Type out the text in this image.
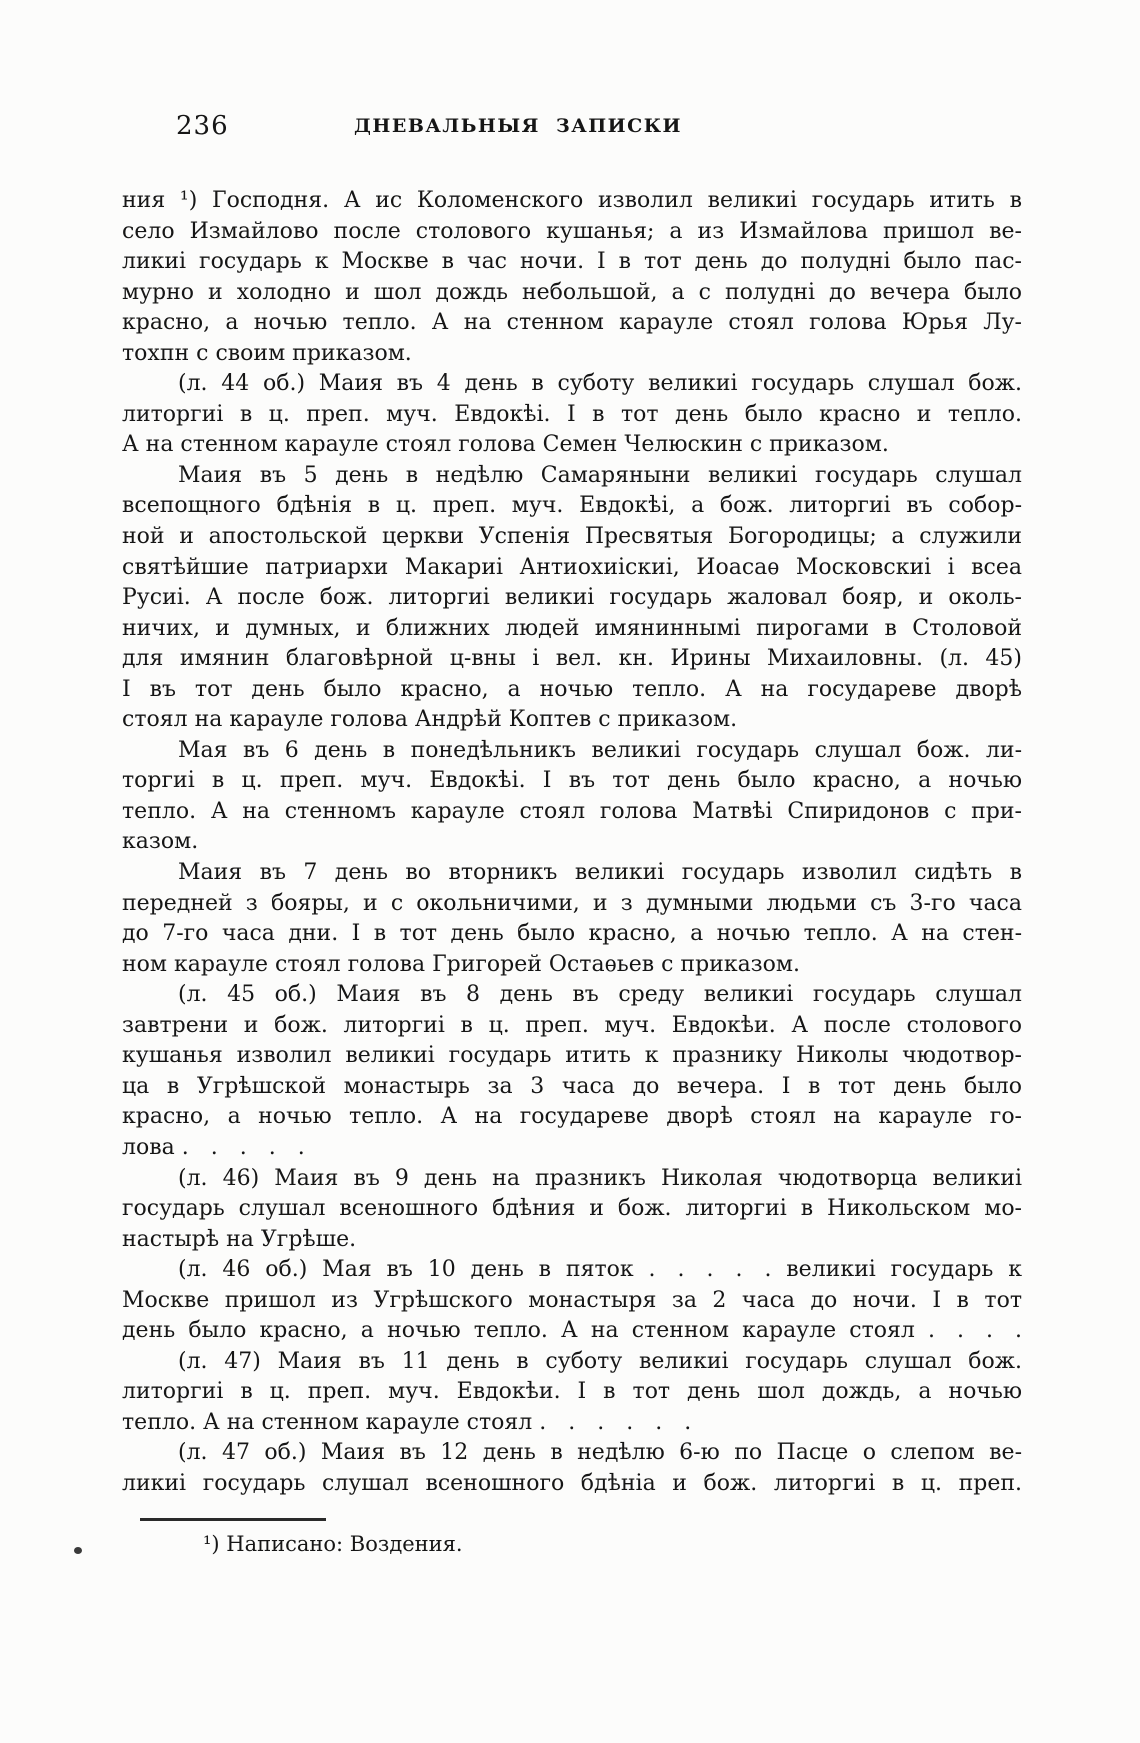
236	ДНЕВАЛЬНЫЯ ЗАПИСКИ
ния ¹) Господня. А ис Коломенского изволил великиі государь итить в
село Измайлово после столового кушанья; а из Измайлова пришол ве-
ликиі государь к Москве в час ночи. І в тот день до полудні было пас-
мурно и холодно и шол дождь небольшой, а с полудні до вечера было
красно, а ночью тепло. А на стенном карауле стоял голова Юрья Лу-
тохпн с своим приказом.
(л. 44 об.) Маия въ 4 день в суботу великиі государь слушал бож.
литоргиі в ц. преп. муч. Евдокѣі. І в тот день было красно и тепло.
А на стенном карауле стоял голова Семен Челюскин с приказом.
Маия въ 5 день в недѣлю Самаряныни великиі государь слушал
всепощного бдѣнія в ц. преп. муч. Евдокѣі, а бож. литоргиі въ собор-
ной и апостольской церкви Успенія Пресвятыя Богородицы; а служили
святѣйшие патриархи Макариі Антиохиіскиі, Иоасаѳ Московскиі і всеа
Русиі. А после бож. литоргиі великиі государь жаловал бояр, и околь-
ничих, и думных, и ближних людей имяниннымі пирогами в Столовой
для имянин благовѣрной ц-вны і вел. кн. Ирины Михаиловны. (л. 45)
І въ тот день было красно, а ночью тепло. А на государеве дворѣ
стоял на карауле голова Андрѣй Коптев с приказом.
Мая въ 6 день в понедѣльникъ великиі государь слушал бож. ли-
торгиі в ц. преп. муч. Евдокѣі. І въ тот день было красно, а ночью
тепло. А на стенномъ карауле стоял голова Матвѣі Спиридонов с при-
казом.
Маия въ 7 день во вторникъ великиі государь изволил сидѣть в
передней з бояры, и с окольничими, и з думными людьми съ 3-го часа
до 7-го часа дни. І в тот день было красно, а ночью тепло. А на стен-
ном карауле стоял голова Григорей Остаѳьев с приказом.
(л. 45 об.) Маия въ 8 день въ среду великиі государь слушал
завтрени и бож. литоргиі в ц. преп. муч. Евдокѣи. А после столового
кушанья изволил великиі государь итить к празнику Николы чюдотвор-
ца в Угрѣшской монастырь за 3 часа до вечера. І в тот день было
красно, а ночью тепло. А на государеве дворѣ стоял на карауле го-
лова . . . . .
(л. 46) Маия въ 9 день на празникъ Николая чюдотворца великиі
государь слушал всеношного бдѣния и бож. литоргиі в Никольском мо-
настырѣ на Угрѣше.
(л. 46 об.) Мая въ 10 день в пяток . . . . . великиі государь к
Москве пришол из Угрѣшского монастыря за 2 часа до ночи. І в тот
день было красно, а ночью тепло. А на стенном карауле стоял . . . .
(л. 47) Маия въ 11 день в суботу великиі государь слушал бож.
литоргиі в ц. преп. муч. Евдокѣи. І в тот день шол дождь, а ночью
тепло. А на стенном карауле стоял . . . . . .
(л. 47 об.) Маия въ 12 день в недѣлю 6-ю по Пасце о слепом ве-
ликиі государь слушал всеношного бдѣніа и бож. литоргиі в ц. преп.
¹) Написано: Воздения.
